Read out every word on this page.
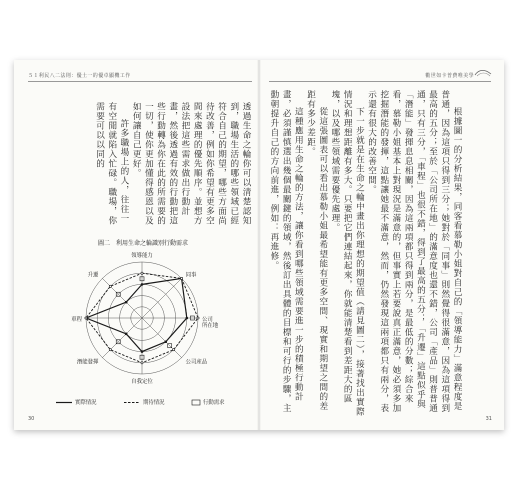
５１利民八二法則：優土一的優卓顯機工作

透過生命之輪你可以清楚認知到，職場生活的哪些領域已經符合自己的期望，哪些方面尚待改善，例如你希望有更多空間來處理的優先順序。並想方設法把這些需求做出行動計畫，然後透過有效的行動把這些行動轉為你在此的所需要的一切，使你更加懂得感恩以及如何讓自己更好。

許多職場上的人，往往一有空閒就陷入忙碌。職場，你需要可以以同的

圖二　利用生命之輪識別行動需求
領導能力
同事
公司所在地
公司產品
自我定位
潛能發揮
車程
升遷
實際情況	期待情況	行動需求
30
勸世如卡普費唯美學

根據圖一的分析結果，同客看慕勒小姐對自己的「領導能力」滿意程度是普通，因為這項只得到三分；她對於「同事」則然覺得很滿意，因為這項得到最高的五分；至於「公司所在地」的滿意度也還不錯，公司「產品」則普普通通，只有三分，「車程」也很不錯，得到了最高的五分；「升遷」這點似乎與「潛能」發揮息息相關，因為這兩項都只得到兩分，是最低的分數；綜合來看，慕勒小姐基本上對現況是滿意的，但事實上若要說真正滿意，她必須多加挖掘潛能的發揮，這點讓她最不滿意，然而，仍然發現這兩項都只有兩分，表示還有很大的改善空間。

下一步就是在生命之輪中畫出你理想的期望值（請見圖二），接著找出實際情況和理想距離有多大。只要把它們連結起來，你就能清楚看到差距大的區塊，以及哪些領域需要優先處理。

從這張圖表可以看出慕勒小姐最希望能有更多空間、現實和期望之間的差距有多少差距。

這種應用生命之輪的方法，讓你看到哪些領域需要進一步的積極行動計畫，必須謹慎選出幾個最關鍵的領域，然後訂出具體的目標和可行的步驟，主動朝提升自己的方向前進，例如：再進修。

31
